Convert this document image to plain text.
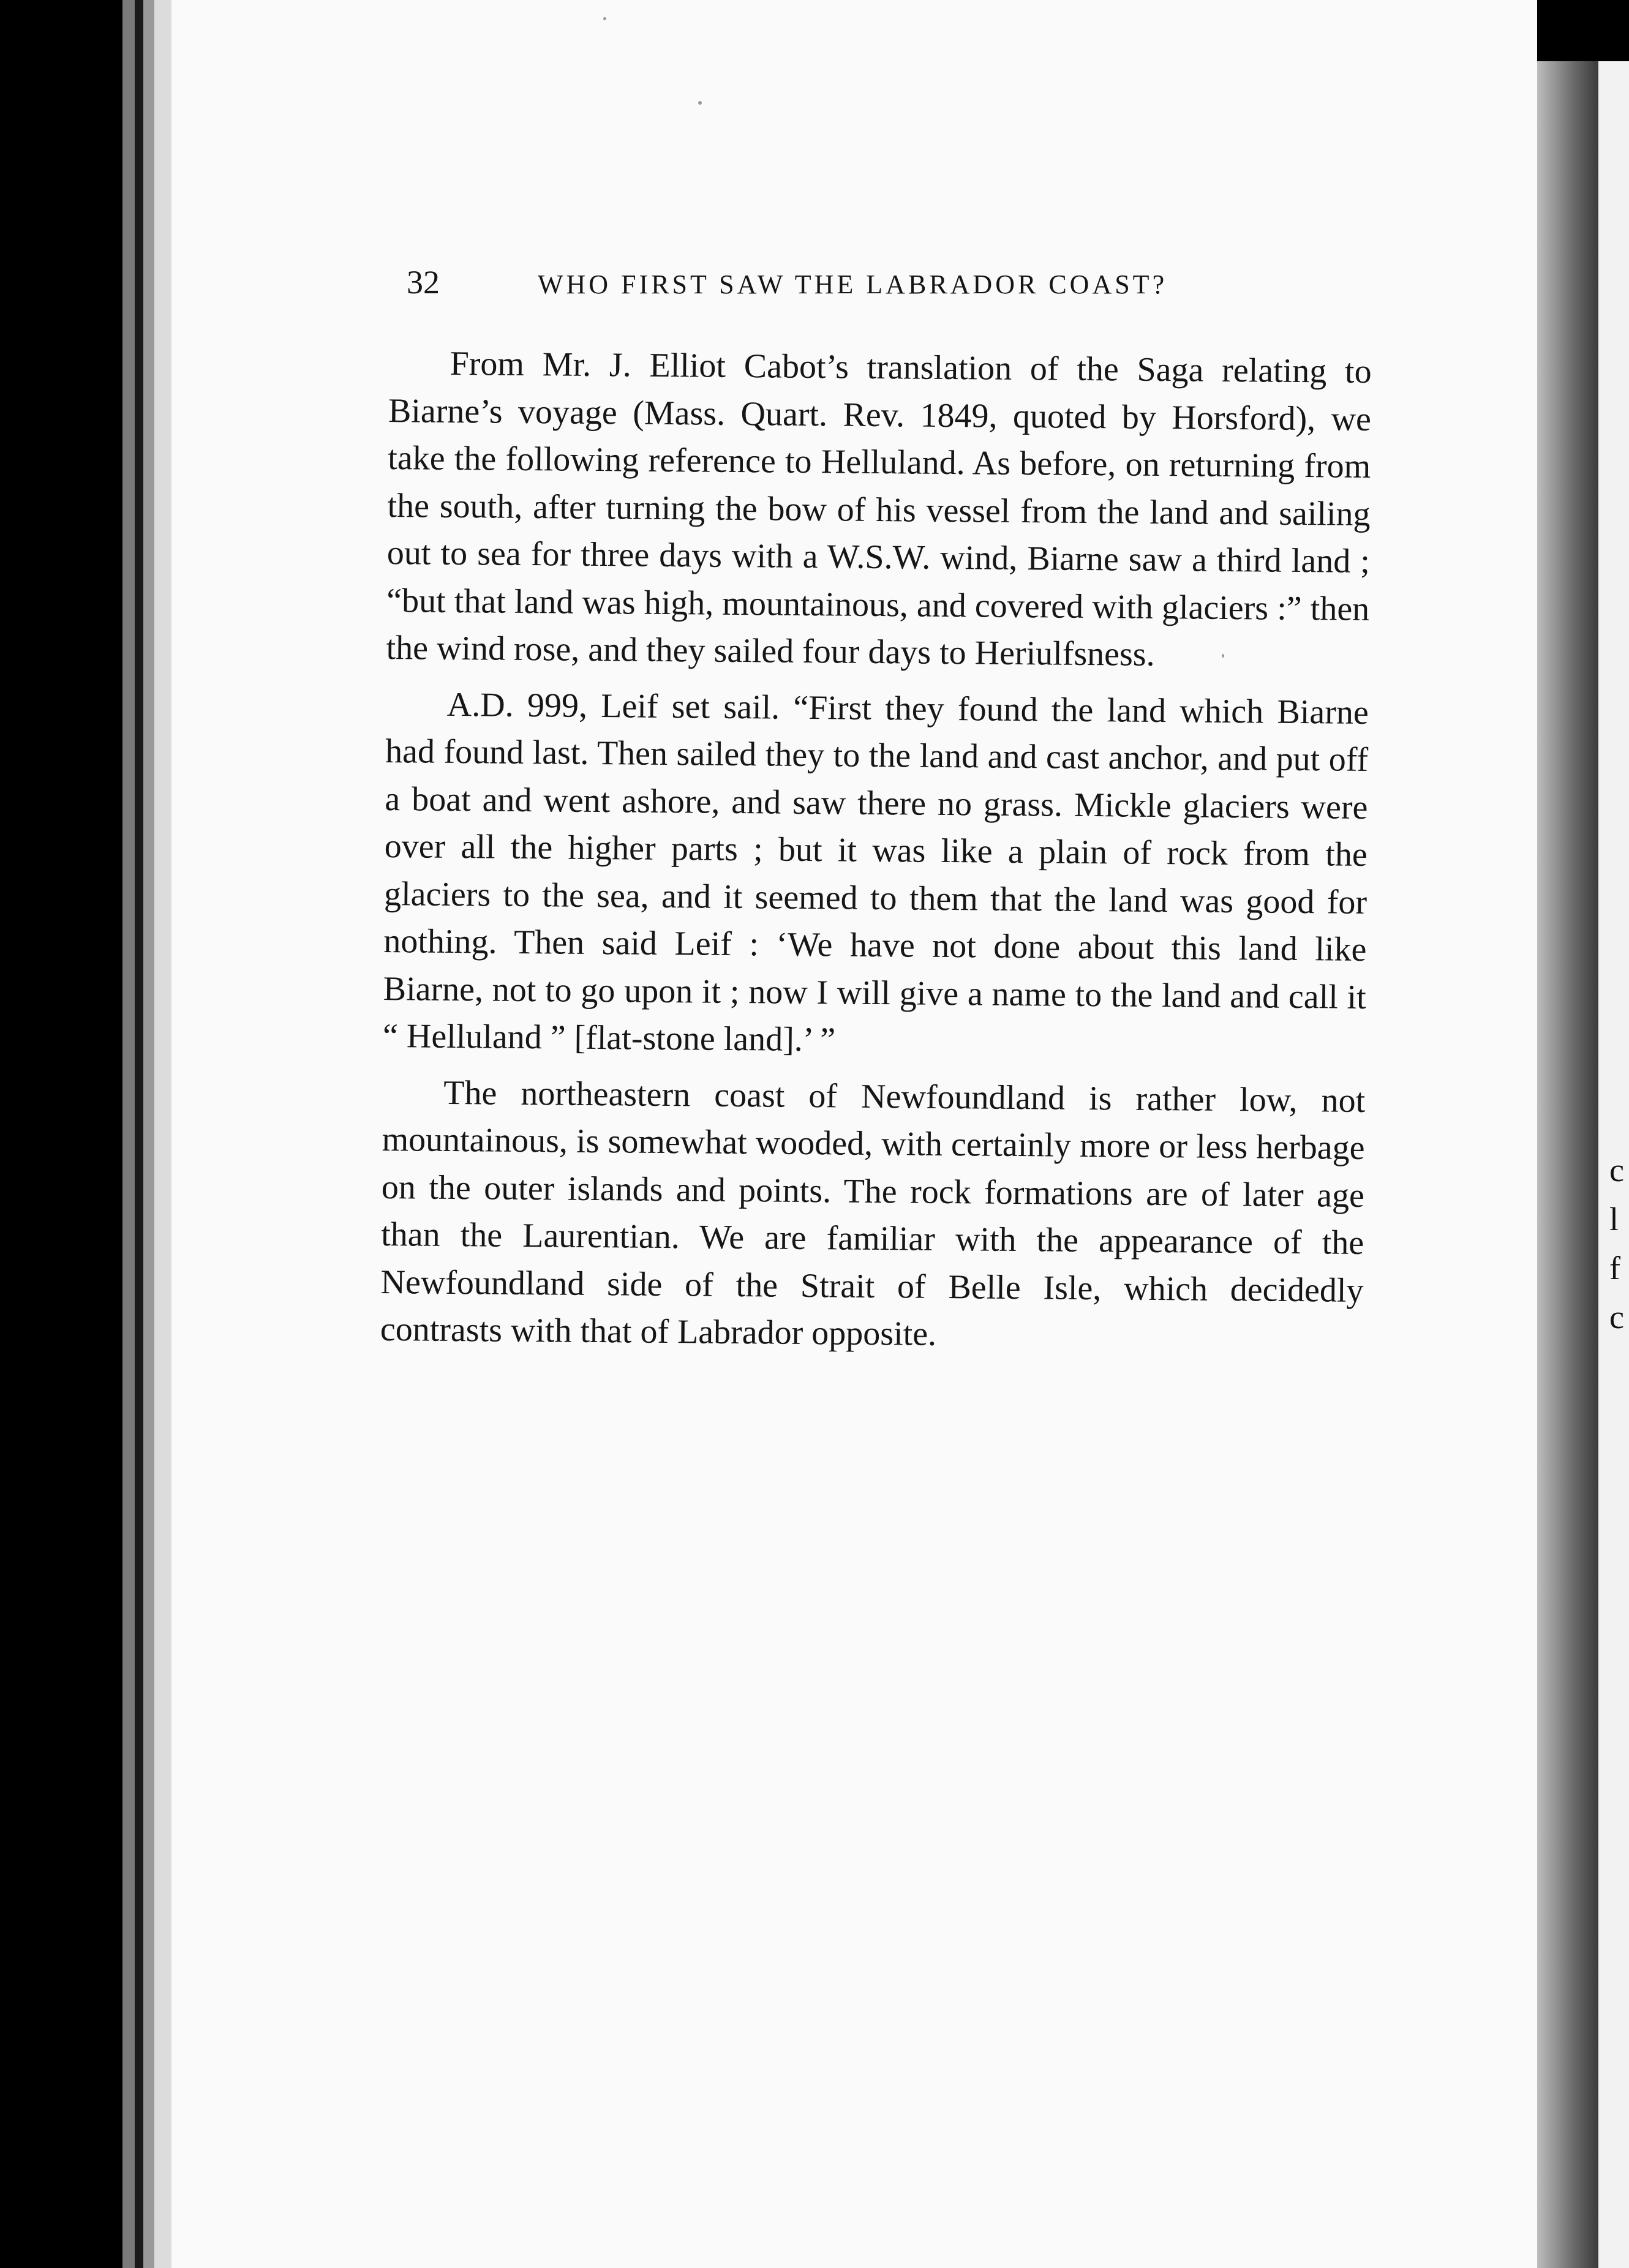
c
l
f
c
32	WHO FIRST SAW THE LABRADOR COAST?

From Mr. J. Elliot Cabot’s translation of the Saga relating to Biarne’s voyage (Mass. Quart. Rev. 1849, quoted by Horsford), we take the following reference to Helluland. As before, on returning from the south, after turning the bow of his vessel from the land and sailing out to sea for three days with a W.S.W. wind, Biarne saw a third land ; “but that land was high, mountainous, and covered with glaciers :” then the wind rose, and they sailed four days to Heriulfsness.

A.D. 999, Leif set sail. “First they found the land which Biarne had found last. Then sailed they to the land and cast anchor, and put off a boat and went ashore, and saw there no grass. Mickle glaciers were over all the higher parts ; but it was like a plain of rock from the glaciers to the sea, and it seemed to them that the land was good for nothing. Then said Leif : ‘We have not done about this land like Biarne, not to go upon it ; now I will give a name to the land and call it “ Helluland ” [flat-stone land].’ ”

The northeastern coast of Newfoundland is rather low, not mountainous, is somewhat wooded, with certainly more or less herbage on the outer islands and points. The rock formations are of later age than the Laurentian. We are familiar with the appearance of the Newfoundland side of the Strait of Belle Isle, which decidedly contrasts with that of Labrador opposite.
